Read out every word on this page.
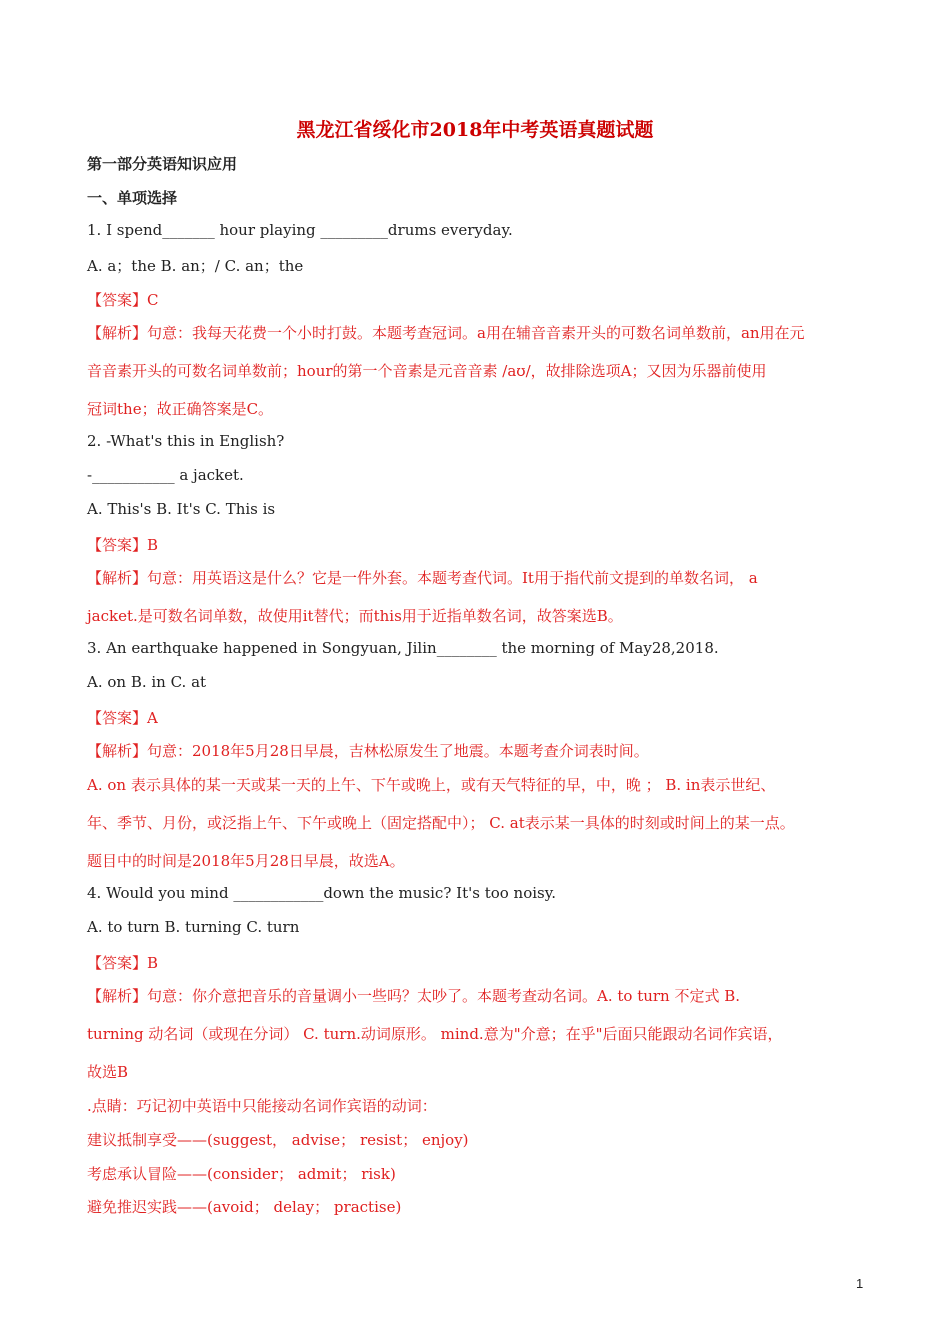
黑龙江省绥化市2018年中考英语真题试题
第一部分英语知识应用
一、单项选择
1. I spend_______ hour playing _________drums everyday.
A. a；the B. an；/ C. an；the
【答案】C
【解析】句意：我每天花费一个小时打鼓。本题考查冠词。a用在辅音音素开头的可数名词单数前，an用在元
音音素开头的可数名词单数前；hour的第一个音素是元音音素 /aʊ/，故排除选项A；又因为乐器前使用
冠词the；故正确答案是C。
2. -What's this in English?
-___________ a jacket.
A. This's B. It's C. This is
【答案】B
【解析】句意：用英语这是什么？它是一件外套。本题考查代词。It用于指代前文提到的单数名词， a
jacket.是可数名词单数，故使用it替代；而this用于近指单数名词，故答案选B。
3. An earthquake happened in Songyuan, Jilin________ the morning of May28,2018.
A. on B. in C. at
【答案】A
【解析】句意：2018年5月28日早晨，吉林松原发生了地震。本题考查介词表时间。
A. on 表示具体的某一天或某一天的上午、下午或晚上，或有天气特征的早，中，晚 ； B. in表示世纪、
年、季节、月份，或泛指上午、下午或晚上（固定搭配中）； C. at表示某一具体的时刻或时间上的某一点。
题目中的时间是2018年5月28日早晨，故选A。
4. Would you mind ____________down the music? It's too noisy.
A. to turn B. turning C. turn
【答案】B
【解析】句意：你介意把音乐的音量调小一些吗？太吵了。本题考查动名词。A. to turn 不定式 B.
turning 动名词（或现在分词） C. turn.动词原形。 mind.意为"介意；在乎"后面只能跟动名词作宾语，
故选B
.点睛：巧记初中英语中只能接动名词作宾语的动词：
建议抵制享受——(suggest， advise； resist； enjoy)
考虑承认冒险——(consider； admit； risk)
避免推迟实践——(avoid； delay； practise)
1
